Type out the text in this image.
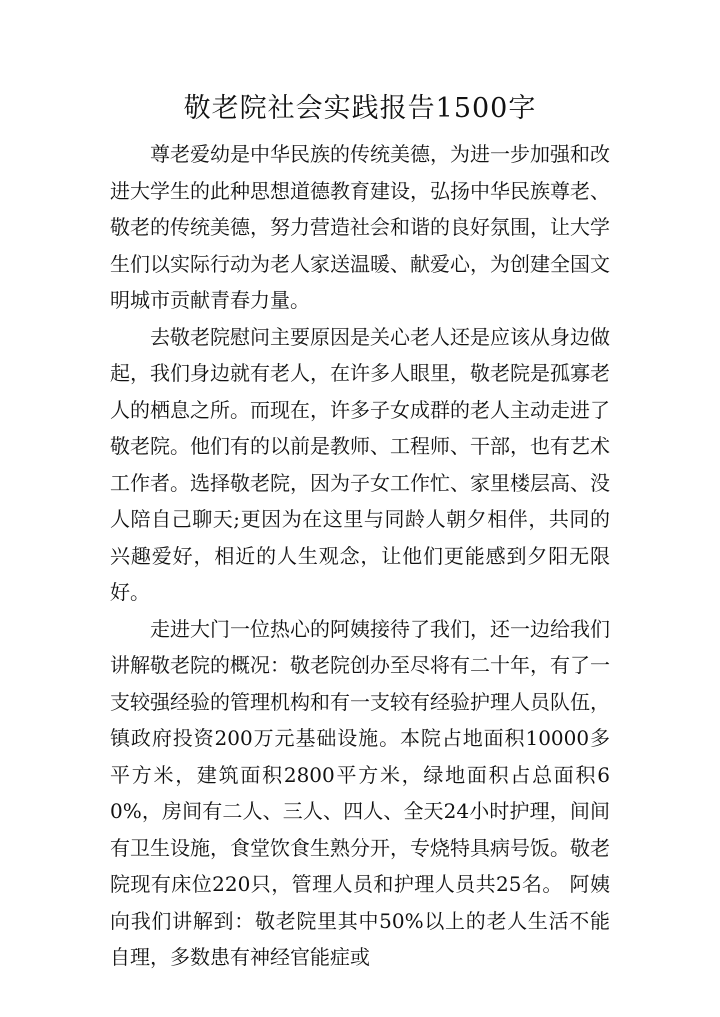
敬老院社会实践报告1500字

尊老爱幼是中华民族的传统美德，为进一步加强和改进大学生的此种思想道德教育建设，弘扬中华民族尊老、敬老的传统美德，努力营造社会和谐的良好氛围，让大学生们以实际行动为老人家送温暖、献爱心，为创建全国文明城市贡献青春力量。

去敬老院慰问主要原因是关心老人还是应该从身边做起，我们身边就有老人，在许多人眼里，敬老院是孤寡老人的栖息之所。而现在，许多子女成群的老人主动走进了敬老院。他们有的以前是教师、工程师、干部，也有艺术工作者。选择敬老院，因为子女工作忙、家里楼层高、没人陪自己聊天;更因为在这里与同龄人朝夕相伴，共同的兴趣爱好，相近的人生观念，让他们更能感到夕阳无限好。

走进大门一位热心的阿姨接待了我们，还一边给我们讲解敬老院的概况：敬老院创办至尽将有二十年，有了一支较强经验的管理机构和有一支较有经验护理人员队伍，镇政府投资200万元基础设施。本院占地面积10000多平方米，建筑面积2800平方米，绿地面积占总面积60%，房间有二人、三人、四人、全天24小时护理，间间有卫生设施，食堂饮食生熟分开，专烧特具病号饭。敬老院现有床位220只，管理人员和护理人员共25名。 阿姨向我们讲解到：敬老院里其中50%以上的老人生活不能自理，多数患有神经官能症或
